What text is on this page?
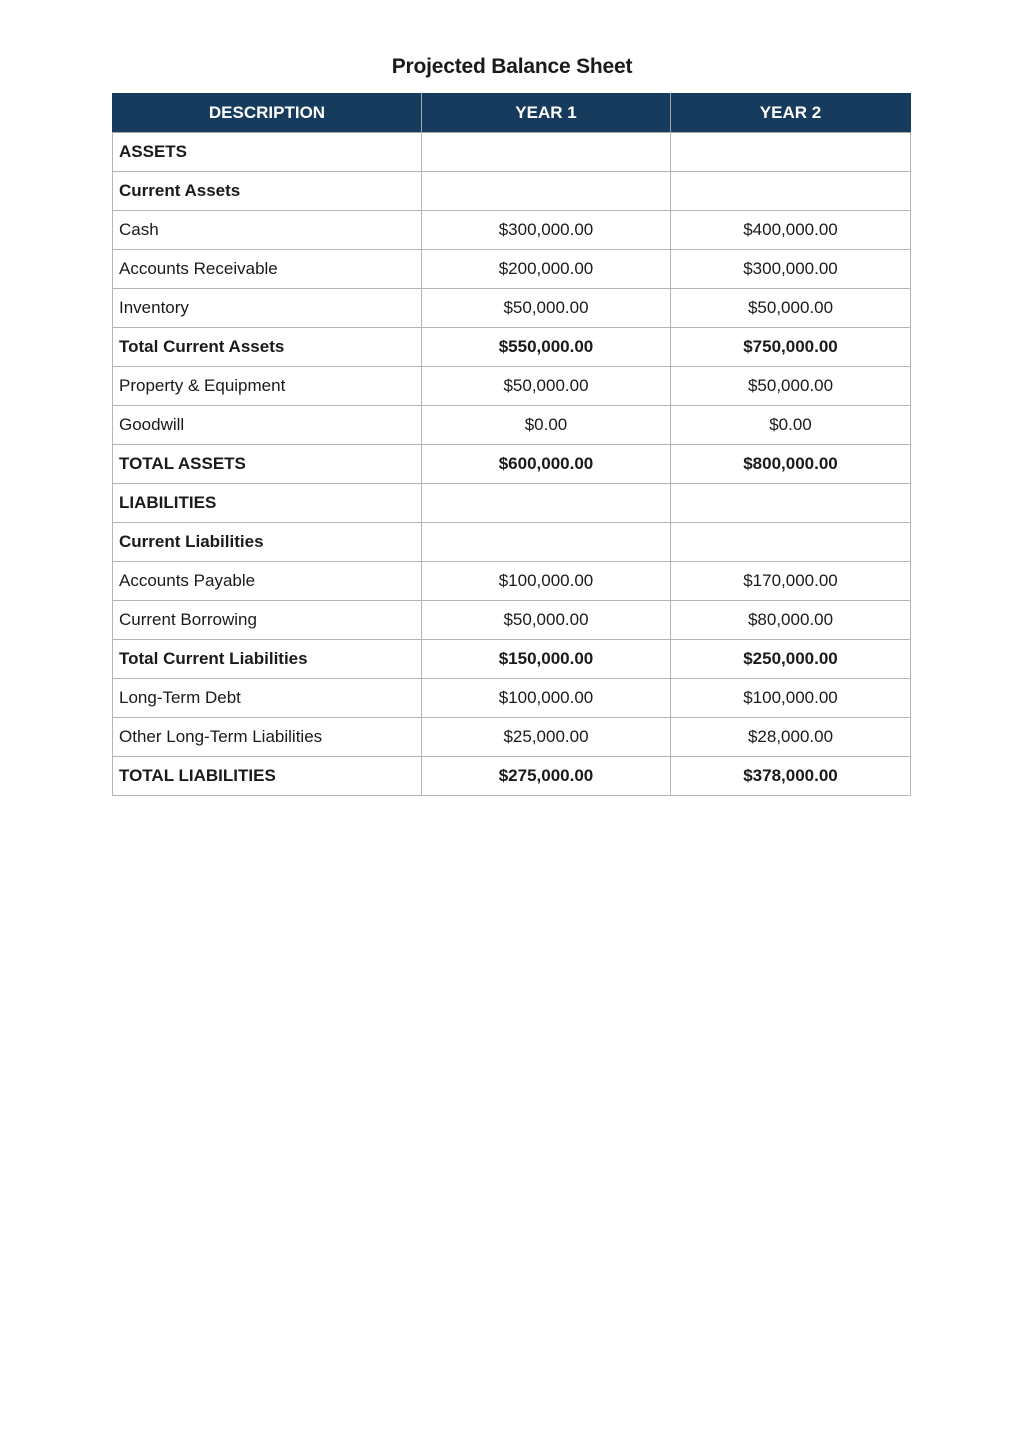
Projected Balance Sheet
DESCRIPTION	YEAR 1	YEAR 2
ASSETS		
Current Assets		
Cash	$300,000.00	$400,000.00
Accounts Receivable	$200,000.00	$300,000.00
Inventory	$50,000.00	$50,000.00
Total Current Assets	$550,000.00	$750,000.00
Property & Equipment	$50,000.00	$50,000.00
Goodwill	$0.00	$0.00
TOTAL ASSETS	$600,000.00	$800,000.00
LIABILITIES		
Current Liabilities		
Accounts Payable	$100,000.00	$170,000.00
Current Borrowing	$50,000.00	$80,000.00
Total Current Liabilities	$150,000.00	$250,000.00
Long-Term Debt	$100,000.00	$100,000.00
Other Long-Term Liabilities	$25,000.00	$28,000.00
TOTAL LIABILITIES	$275,000.00	$378,000.00
